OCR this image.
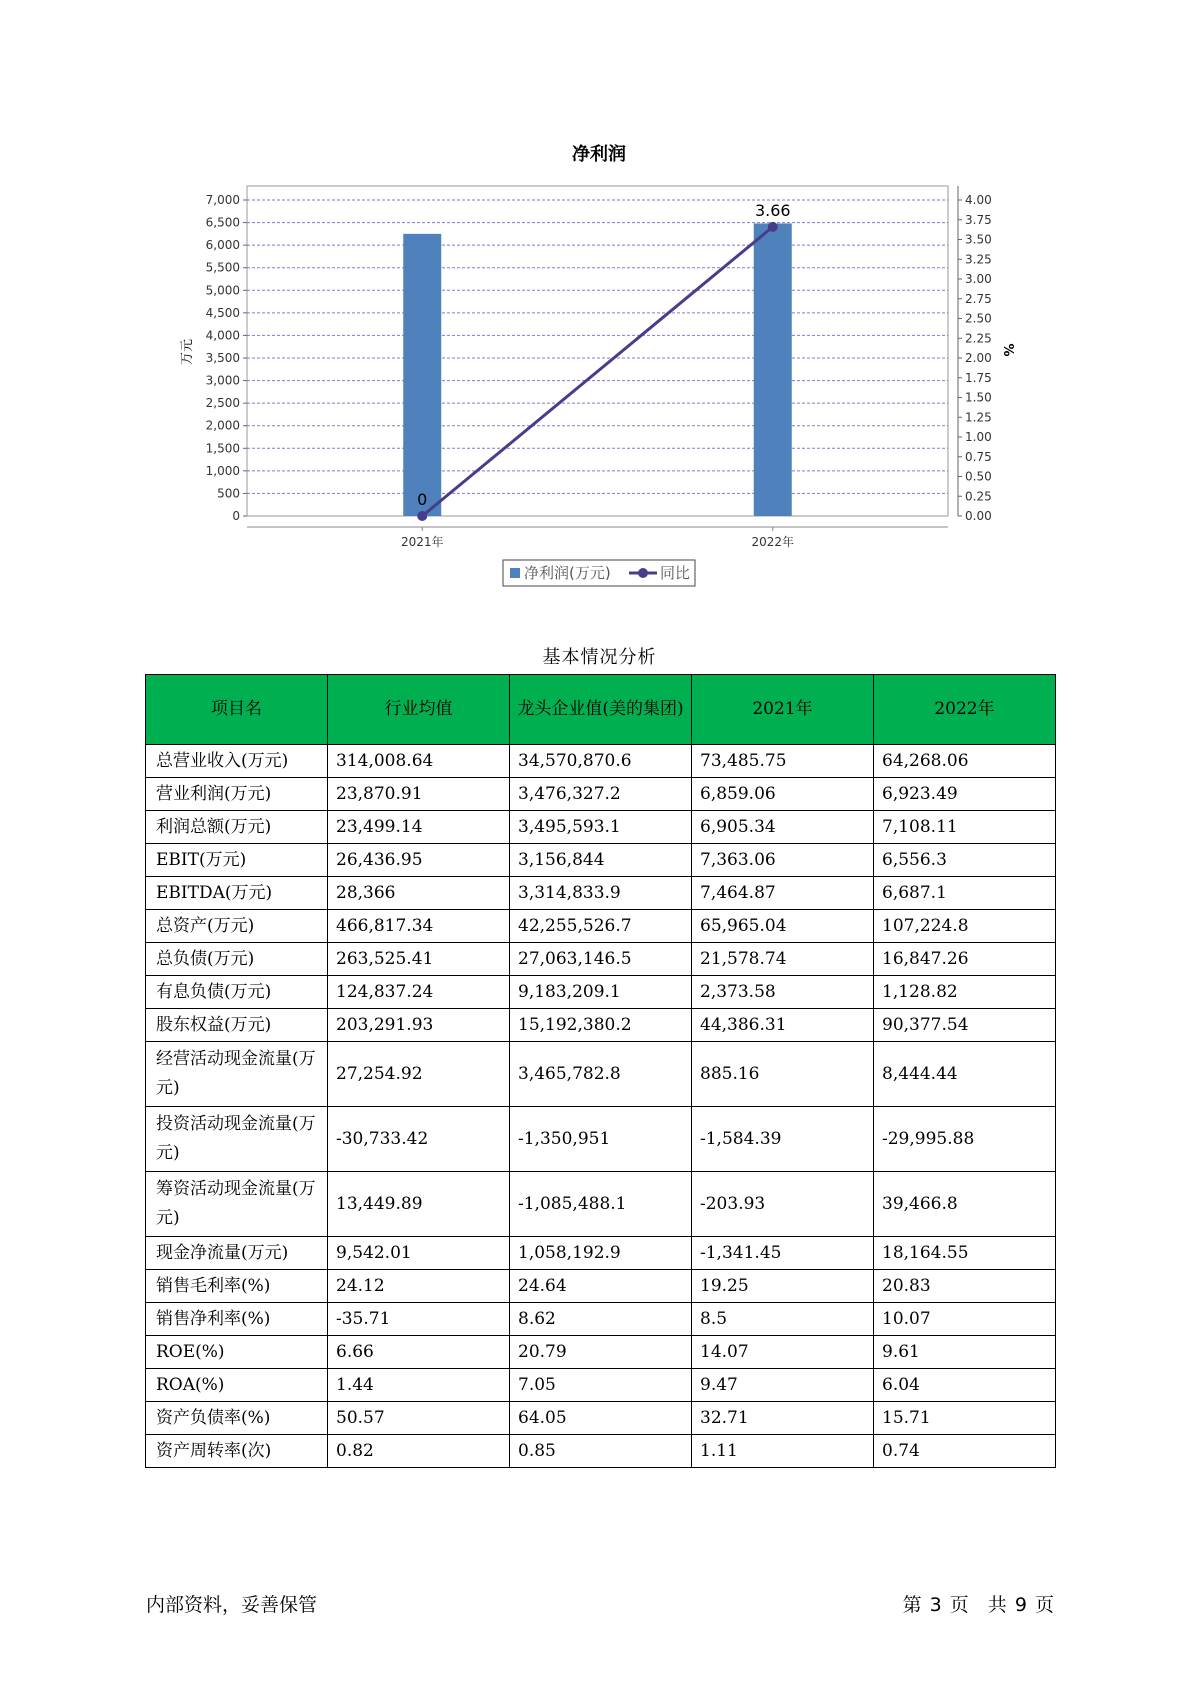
净利润
0
500
1,000
1,500
2,000
2,500
3,000
3,500
4,000
4,500
5,000
5,500
6,000
6,500
7,000
0.00
0.25
0.50
0.75
1.00
1.25
1.50
1.75
2.00
2.25
2.50
2.75
3.00
3.25
3.50
3.75
4.00
2021年	2022年
0
3.66
万元	%
净利润(万元)	同比
基本情况分析
项目名	行业均值	龙头企业值(美的集团)	2021年	2022年
总营业收入(万元)	314,008.64	34,570,870.6	73,485.75	64,268.06
营业利润(万元)	23,870.91	3,476,327.2	6,859.06	6,923.49
利润总额(万元)	23,499.14	3,495,593.1	6,905.34	7,108.11
EBIT(万元)	26,436.95	3,156,844	7,363.06	6,556.3
EBITDA(万元)	28,366	3,314,833.9	7,464.87	6,687.1
总资产(万元)	466,817.34	42,255,526.7	65,965.04	107,224.8
总负债(万元)	263,525.41	27,063,146.5	21,578.74	16,847.26
有息负债(万元)	124,837.24	9,183,209.1	2,373.58	1,128.82
股东权益(万元)	203,291.93	15,192,380.2	44,386.31	90,377.54
经营活动现金流量(万元)	27,254.92	3,465,782.8	885.16	8,444.44
投资活动现金流量(万元)	-30,733.42	-1,350,951	-1,584.39	-29,995.88
筹资活动现金流量(万元)	13,449.89	-1,085,488.1	-203.93	39,466.8
现金净流量(万元)	9,542.01	1,058,192.9	-1,341.45	18,164.55
销售毛利率(%)	24.12	24.64	19.25	20.83
销售净利率(%)	-35.71	8.62	8.5	10.07
ROE(%)	6.66	20.79	14.07	9.61
ROA(%)	1.44	7.05	9.47	6.04
资产负债率(%)	50.57	64.05	32.71	15.71
资产周转率(次)	0.82	0.85	1.11	0.74
内部资料，妥善保管	第 3 页　共 9 页
